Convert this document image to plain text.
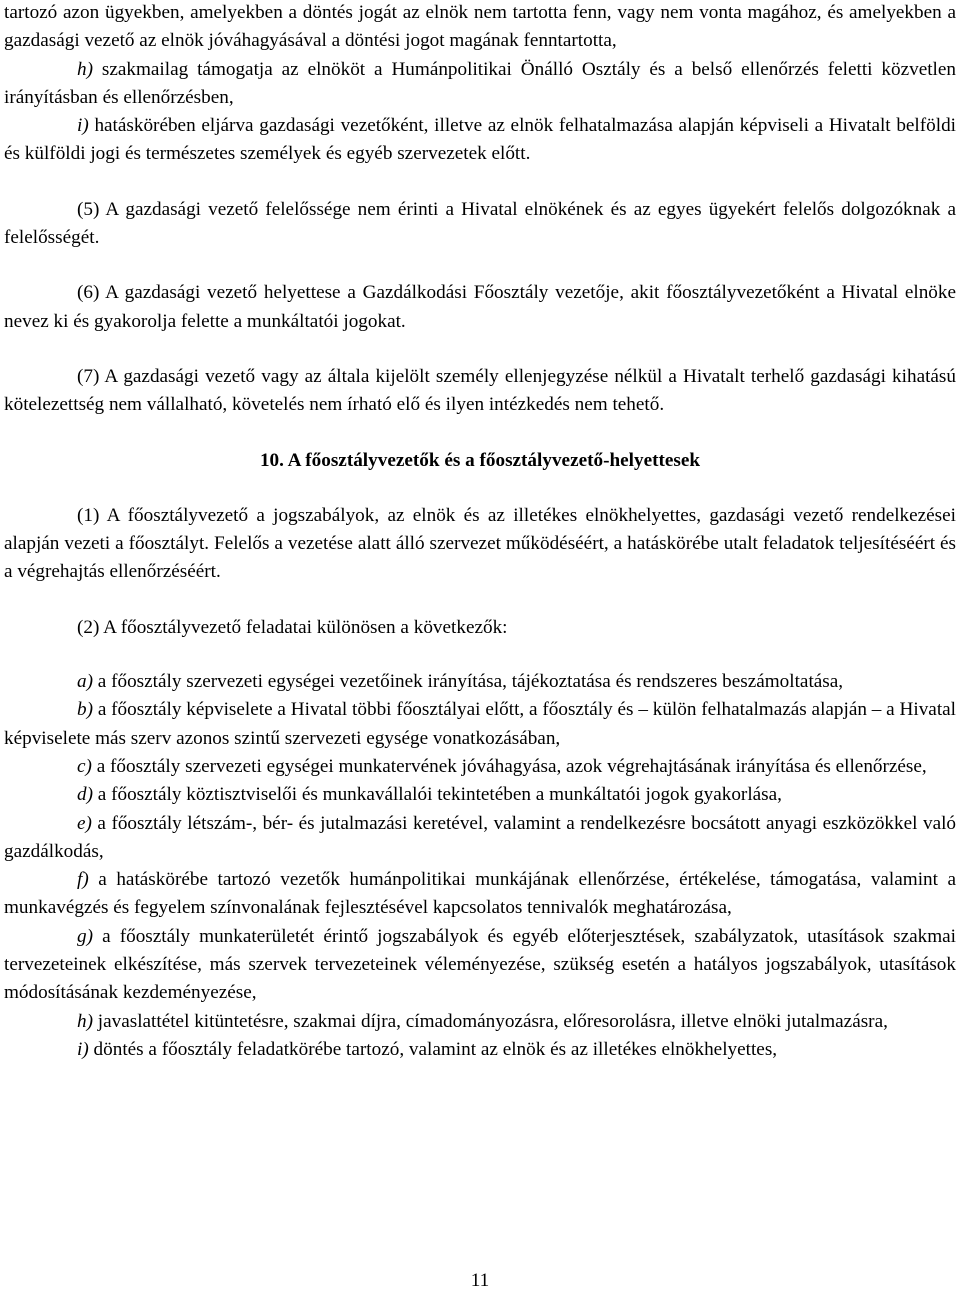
tartozó azon ügyekben, amelyekben a döntés jogát az elnök nem tartotta fenn, vagy nem vonta magához, és amelyekben a gazdasági vezető az elnök jóváhagyásával a döntési jogot magának fenntartotta,

h) szakmailag támogatja az elnököt a Humánpolitikai Önálló Osztály és a belső ellenőrzés feletti közvetlen irányításban és ellenőrzésben,

i) hatáskörében eljárva gazdasági vezetőként, illetve az elnök felhatalmazása alapján képviseli a Hivatalt belföldi és külföldi jogi és természetes személyek és egyéb szervezetek előtt.

(5) A gazdasági vezető felelőssége nem érinti a Hivatal elnökének és az egyes ügyekért felelős dolgozóknak a felelősségét.

(6) A gazdasági vezető helyettese a Gazdálkodási Főosztály vezetője, akit főosztályvezetőként a Hivatal elnöke nevez ki és gyakorolja felette a munkáltatói jogokat.

(7) A gazdasági vezető vagy az általa kijelölt személy ellenjegyzése nélkül a Hivatalt terhelő gazdasági kihatású kötelezettség nem vállalható, követelés nem írható elő és ilyen intézkedés nem tehető.

10. A főosztályvezetők és a főosztályvezető-helyettesek

(1) A főosztályvezető a jogszabályok, az elnök és az illetékes elnökhelyettes, gazdasági vezető rendelkezései alapján vezeti a főosztályt. Felelős a vezetése alatt álló szervezet működéséért, a hatáskörébe utalt feladatok teljesítéséért és a végrehajtás ellenőrzéséért.

(2) A főosztályvezető feladatai különösen a következők:

a) a főosztály szervezeti egységei vezetőinek irányítása, tájékoztatása és rendszeres beszámoltatása,

b) a főosztály képviselete a Hivatal többi főosztályai előtt, a főosztály és – külön felhatalmazás alapján – a Hivatal képviselete más szerv azonos szintű szervezeti egysége vonatkozásában,

c) a főosztály szervezeti egységei munkatervének jóváhagyása, azok végrehajtásának irányítása és ellenőrzése,

d) a főosztály köztisztviselői és munkavállalói tekintetében a munkáltatói jogok gyakorlása,

e) a főosztály létszám-, bér- és jutalmazási keretével, valamint a rendelkezésre bocsátott anyagi eszközökkel való gazdálkodás,

f) a hatáskörébe tartozó vezetők humánpolitikai munkájának ellenőrzése, értékelése, támogatása, valamint a munkavégzés és fegyelem színvonalának fejlesztésével kapcsolatos tennivalók meghatározása,

g) a főosztály munkaterületét érintő jogszabályok és egyéb előterjesztések, szabályzatok, utasítások szakmai tervezeteinek elkészítése, más szervek tervezeteinek véleményezése, szükség esetén a hatályos jogszabályok, utasítások módosításának kezdeményezése,

h) javaslattétel kitüntetésre, szakmai díjra, címadományozásra, előresorolásra, illetve elnöki jutalmazásra,

i) döntés a főosztály feladatkörébe tartozó, valamint az elnök és az illetékes elnökhelyettes,

11
